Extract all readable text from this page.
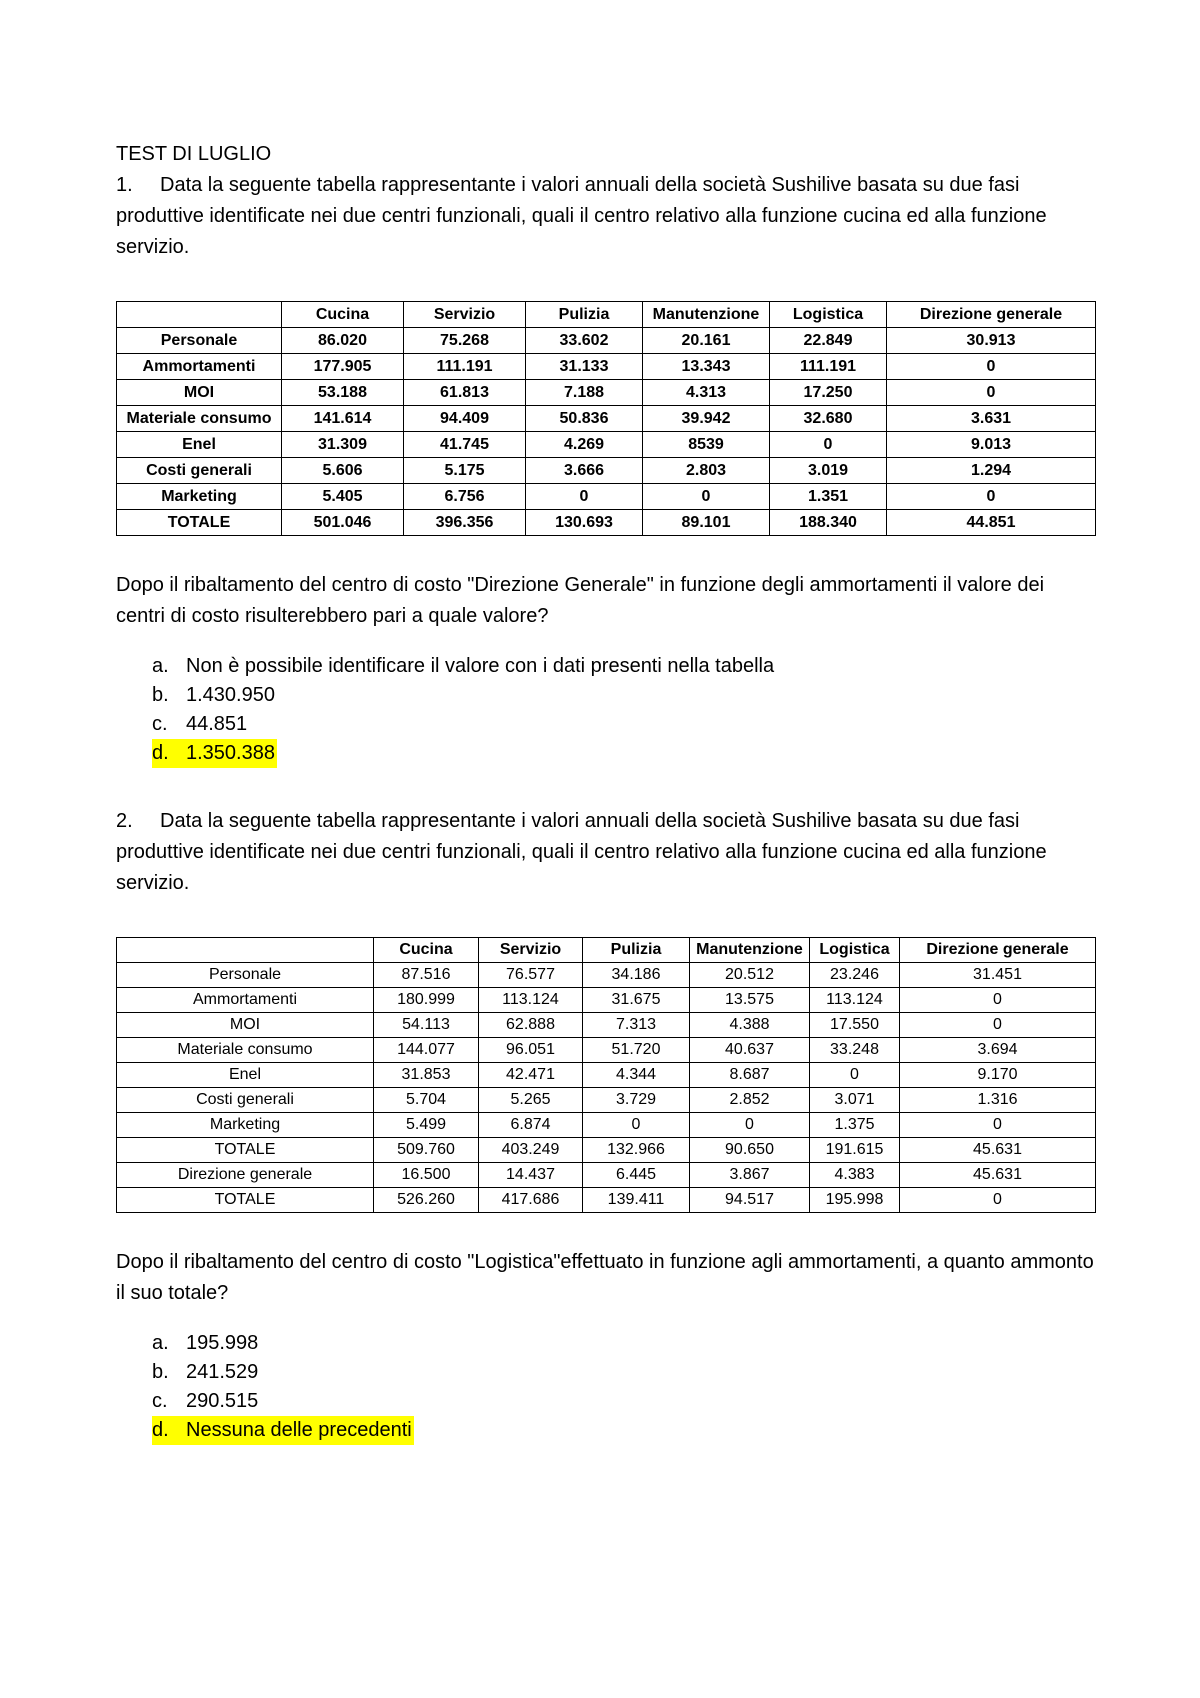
TEST DI LUGLIO

1. Data la seguente tabella rappresentante i valori annuali della società Sushilive basata su due fasi produttive identificate nei due centri funzionali, quali il centro relativo alla funzione cucina ed alla funzione servizio.

	Cucina	Servizio	Pulizia	Manutenzione	Logistica	Direzione generale
Personale	86.020	75.268	33.602	20.161	22.849	30.913
Ammortamenti	177.905	111.191	31.133	13.343	111.191	0
MOI	53.188	61.813	7.188	4.313	17.250	0
Materiale consumo	141.614	94.409	50.836	39.942	32.680	3.631
Enel	31.309	41.745	4.269	8539	0	9.013
Costi generali	5.606	5.175	3.666	2.803	3.019	1.294
Marketing	5.405	6.756	0	0	1.351	0
TOTALE	501.046	396.356	130.693	89.101	188.340	44.851

Dopo il ribaltamento del centro di costo "Direzione Generale" in funzione degli ammortamenti il valore dei centri di costo risulterebbero pari a quale valore?

a. Non è possibile identificare il valore con i dati presenti nella tabella
b. 1.430.950
c. 44.851
d. 1.350.388

2. Data la seguente tabella rappresentante i valori annuali della società Sushilive basata su due fasi produttive identificate nei due centri funzionali, quali il centro relativo alla funzione cucina ed alla funzione servizio.

	Cucina	Servizio	Pulizia	Manutenzione	Logistica	Direzione generale
Personale	87.516	76.577	34.186	20.512	23.246	31.451
Ammortamenti	180.999	113.124	31.675	13.575	113.124	0
MOI	54.113	62.888	7.313	4.388	17.550	0
Materiale consumo	144.077	96.051	51.720	40.637	33.248	3.694
Enel	31.853	42.471	4.344	8.687	0	9.170
Costi generali	5.704	5.265	3.729	2.852	3.071	1.316
Marketing	5.499	6.874	0	0	1.375	0
TOTALE	509.760	403.249	132.966	90.650	191.615	45.631
Direzione generale	16.500	14.437	6.445	3.867	4.383	45.631
TOTALE	526.260	417.686	139.411	94.517	195.998	0

Dopo il ribaltamento del centro di costo "Logistica"effettuato in funzione agli ammortamenti, a quanto ammonto il suo totale?

a. 195.998
b. 241.529
c. 290.515
d. Nessuna delle precedenti
